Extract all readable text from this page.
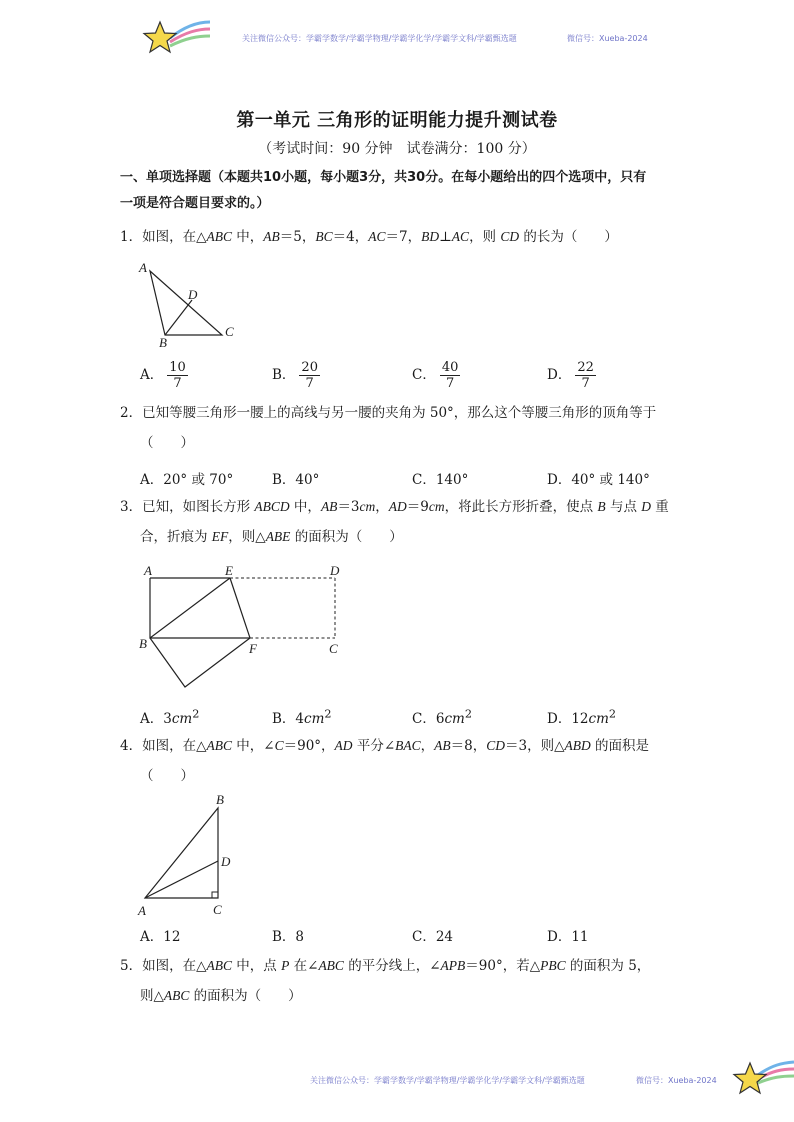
关注微信公众号：学霸学数学/学霸学物理/学霸学化学/学霸学文科/学霸甄选题	微信号：Xueba-2024
第一单元 三角形的证明能力提升测试卷
（考试时间：90 分钟　试卷满分：100 分）
一、单项选择题（本题共10小题，每小题3分，共30分。在每小题给出的四个选项中，只有
一项是符合题目要求的。）
1．如图，在△ABC 中，AB＝5，BC＝4，AC＝7，BD⊥AC，则 CD 的长为（　　）
A
D
C
B
A． $\frac{10}{7}$	B． $\frac{20}{7}$	C． $\frac{40}{7}$	D． $\frac{22}{7}$
2．已知等腰三角形一腰上的高线与另一腰的夹角为 50°，那么这个等腰三角形的顶角等于
（　　）
A．20° 或 70°	B．40°	C．140°	D．40° 或 140°
3．已知，如图长方形 ABCD 中，AB＝3cm，AD＝9cm，将此长方形折叠，使点 B 与点 D 重
合，折痕为 EF，则△ABE 的面积为（　　）
A	E	D
B	F	C
A．$3cm^2$	B．$4cm^2$	C．$6cm^2$	D．$12cm^2$
4．如图，在△ABC 中，∠C＝90°，AD 平分∠BAC，AB＝8，CD＝3，则△ABD 的面积是
（　　）
B
D
A	C
A．12	B．8	C．24	D．11
5．如图，在△ABC 中，点 P 在∠ABC 的平分线上，∠APB＝90°，若△PBC 的面积为 5，
则△ABC 的面积为（　　）
关注微信公众号：学霸学数学/学霸学物理/学霸学化学/学霸学文科/学霸甄选题	微信号：Xueba-2024
